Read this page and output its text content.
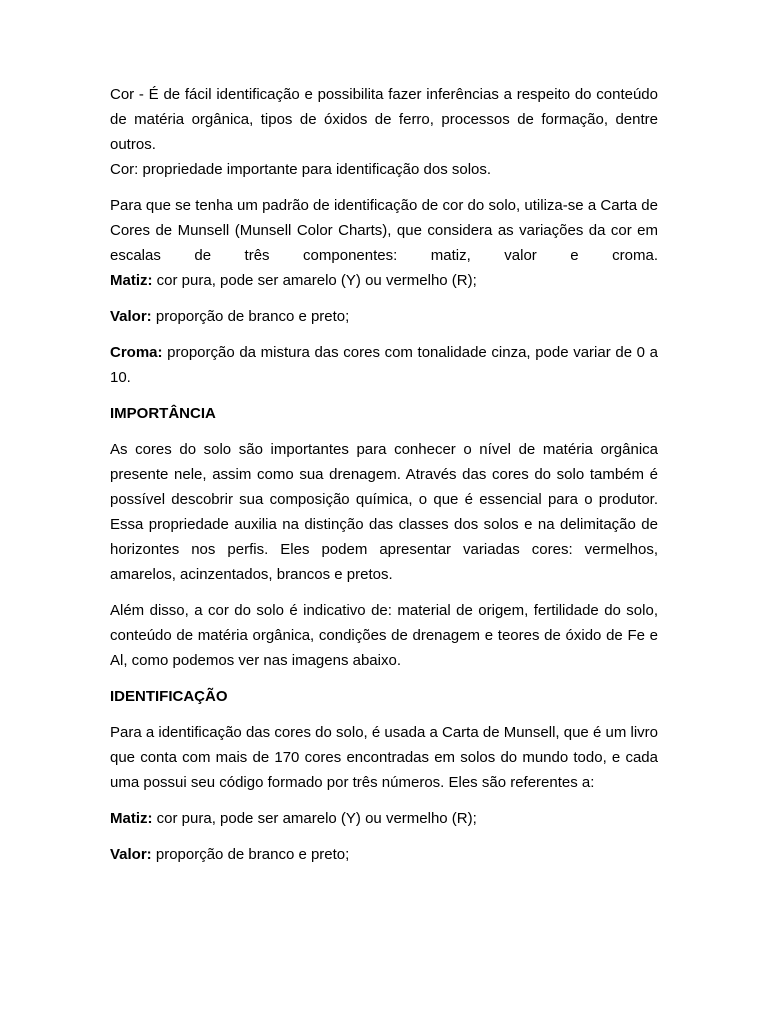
Cor - É de fácil identificação e possibilita fazer inferências a respeito do conteúdo de matéria orgânica, tipos de óxidos de ferro, processos de formação, dentre outros.

Cor: propriedade importante para identificação dos solos.

Para que se tenha um padrão de identificação de cor do solo, utiliza-se a Carta de Cores de Munsell (Munsell Color Charts), que considera as variações da cor em escalas de três componentes: matiz, valor e croma.

Matiz: cor pura, pode ser amarelo (Y) ou vermelho (R);

Valor: proporção de branco e preto;

Croma: proporção da mistura das cores com tonalidade cinza, pode variar de 0 a 10.

IMPORTÂNCIA

As cores do solo são importantes para conhecer o nível de matéria orgânica presente nele, assim como sua drenagem. Através das cores do solo também é possível descobrir sua composição química, o que é essencial para o produtor. Essa propriedade auxilia na distinção das classes dos solos e na delimitação de horizontes nos perfis. Eles podem apresentar variadas cores: vermelhos, amarelos, acinzentados, brancos e pretos.

Além disso, a cor do solo é indicativo de: material de origem, fertilidade do solo, conteúdo de matéria orgânica, condições de drenagem e teores de óxido de Fe e Al, como podemos ver nas imagens abaixo.

IDENTIFICAÇÃO

Para a identificação das cores do solo, é usada a Carta de Munsell, que é um livro que conta com mais de 170 cores encontradas em solos do mundo todo, e cada uma possui seu código formado por três números. Eles são referentes a:

Matiz: cor pura, pode ser amarelo (Y) ou vermelho (R);

Valor: proporção de branco e preto;
